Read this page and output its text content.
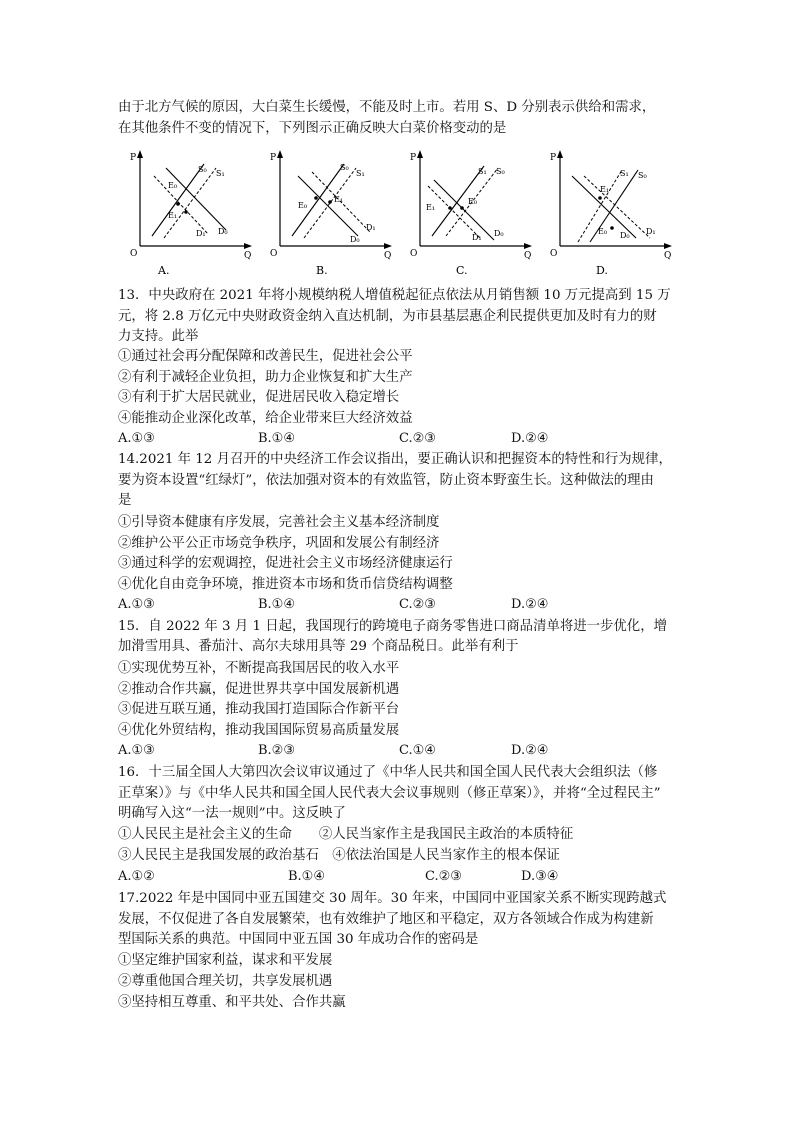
由于北方气候的原因，大白菜生长缓慢，不能及时上市。若用 S、D 分别表示供给和需求，
在其他条件不变的情况下，下列图示正确反映大白菜价格变动的是
P
O	Q
E₀
S₀ S₁
E₁
D₀
D₁
A.
P
O	Q
S₀
S₁
E₀
E₁
D₁
D₀
B.
P
O	Q
S₁ S₀
E₁
E₀
D₁ D₀
C.
P
O	Q
S₁ S₀
E₁
E₀ D₀ D₁
D.
13．中央政府在 2021 年将小规模纳税人增值税起征点依法从月销售额 10 万元提高到 15 万
元，将 2.8 万亿元中央财政资金纳入直达机制，为市县基层惠企利民提供更加及时有力的财
力支持。此举
①通过社会再分配保障和改善民生，促进社会公平
②有利于减轻企业负担，助力企业恢复和扩大生产
③有利于扩大居民就业，促进居民收入稳定增长
④能推动企业深化改革，给企业带来巨大经济效益
A.①③	B.①④	C.②③	D.②④
14.2021 年 12 月召开的中央经济工作会议指出，要正确认识和把握资本的特性和行为规律，
要为资本设置“红绿灯”，依法加强对资本的有效监管，防止资本野蛮生长。这种做法的理由
是
①引导资本健康有序发展，完善社会主义基本经济制度
②维护公平公正市场竞争秩序，巩固和发展公有制经济
③通过科学的宏观调控，促进社会主义市场经济健康运行
④优化自由竞争环境，推进资本市场和货币信贷结构调整
A.①③	B.①④	C.②③	D.②④
15．自 2022 年 3 月 1 日起，我国现行的跨境电子商务零售进口商品清单将进一步优化，增
加滑雪用具、番茄汁、高尔夫球用具等 29 个商品税日。此举有利于
①实现优势互补，不断提高我国居民的收入水平
②推动合作共赢，促进世界共享中国发展新机遇
③促进互联互通，推动我国打造国际合作新平台
④优化外贸结构，推动我国国际贸易高质量发展
A.①③	B.②③	C.①④	D.②④
16．十三届全国人大第四次会议审议通过了《中华人民共和国全国人民代表大会组织法（修
正草案）》与《中华人民共和国全国人民代表大会议事规则（修正草案）》，并将“全过程民主”
明确写入这“一法一规则”中。这反映了
①人民民主是社会主义的生命　　②人民当家作主是我国民主政治的本质特征
③人民民主是我国发展的政治基石　④依法治国是人民当家作主的根本保证
A.①②	B.①④	C.②③	D.③④
17.2022 年是中国同中亚五国建交 30 周年。30 年来，中国同中亚国家关系不断实现跨越式
发展，不仅促进了各自发展繁荣，也有效维护了地区和平稳定，双方各领域合作成为构建新
型国际关系的典范。中国同中亚五国 30 年成功合作的密码是
①坚定维护国家利益，谋求和平发展
②尊重他国合理关切，共享发展机遇
③坚持相互尊重、和平共处、合作共赢
